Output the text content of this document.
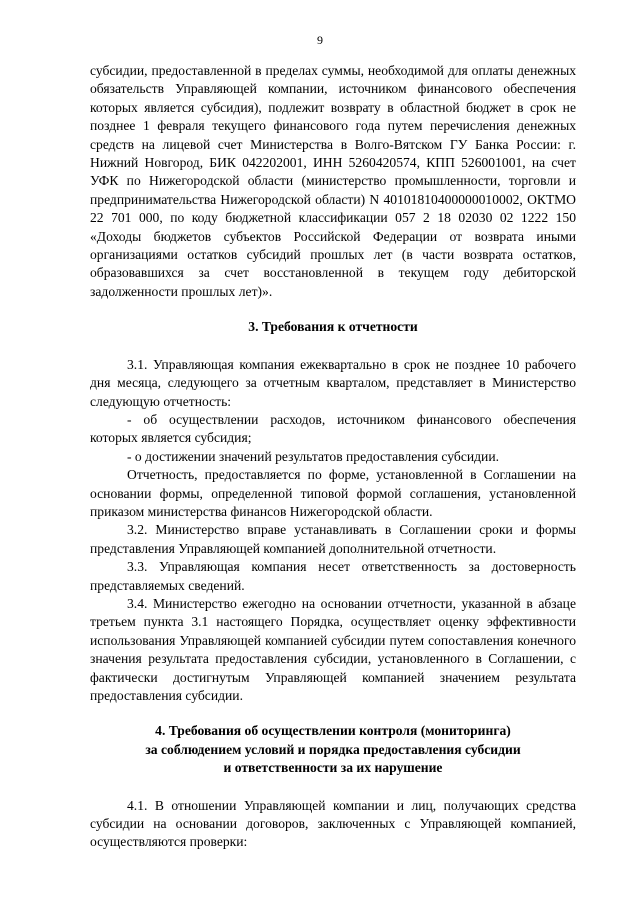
9

субсидии, предоставленной в пределах суммы, необходимой для оплаты денежных обязательств Управляющей компании, источником финансового обеспечения которых является субсидия), подлежит возврату в областной бюджет в срок не позднее 1 февраля текущего финансового года путем перечисления денежных средств на лицевой счет Министерства в Волго-Вятском ГУ Банка России: г. Нижний Новгород, БИК 042202001, ИНН 5260420574, КПП 526001001, на счет УФК по Нижегородской области (министерство промышленности, торговли и предпринимательства Нижегородской области) N 40101810400000010002, ОКТМО 22 701 000, по коду бюджетной классификации 057 2 18 02030 02 1222 150 «Доходы бюджетов субъектов Российской Федерации от возврата иными организациями остатков субсидий прошлых лет (в части возврата остатков, образовавшихся за счет восстановленной в текущем году дебиторской задолженности прошлых лет)».

3. Требования к отчетности

3.1. Управляющая компания ежеквартально в срок не позднее 10 рабочего дня месяца, следующего за отчетным кварталом, представляет в Министерство следующую отчетность:

- об осуществлении расходов, источником финансового обеспечения которых является субсидия;

- о достижении значений результатов предоставления субсидии.

Отчетность, предоставляется по форме, установленной в Соглашении на основании формы, определенной типовой формой соглашения, установленной приказом министерства финансов Нижегородской области.

3.2. Министерство вправе устанавливать в Соглашении сроки и формы представления Управляющей компанией дополнительной отчетности.

3.3. Управляющая компания несет ответственность за достоверность представляемых сведений.

3.4. Министерство ежегодно на основании отчетности, указанной в абзаце третьем пункта 3.1 настоящего Порядка, осуществляет оценку эффективности использования Управляющей компанией субсидии путем сопоставления конечного значения результата предоставления субсидии, установленного в Соглашении, с фактически достигнутым Управляющей компанией значением результата предоставления субсидии.

4. Требования об осуществлении контроля (мониторинга)
за соблюдением условий и порядка предоставления субсидии
и ответственности за их нарушение

4.1. В отношении Управляющей компании и лиц, получающих средства субсидии на основании договоров, заключенных с Управляющей компанией, осуществляются проверки:
